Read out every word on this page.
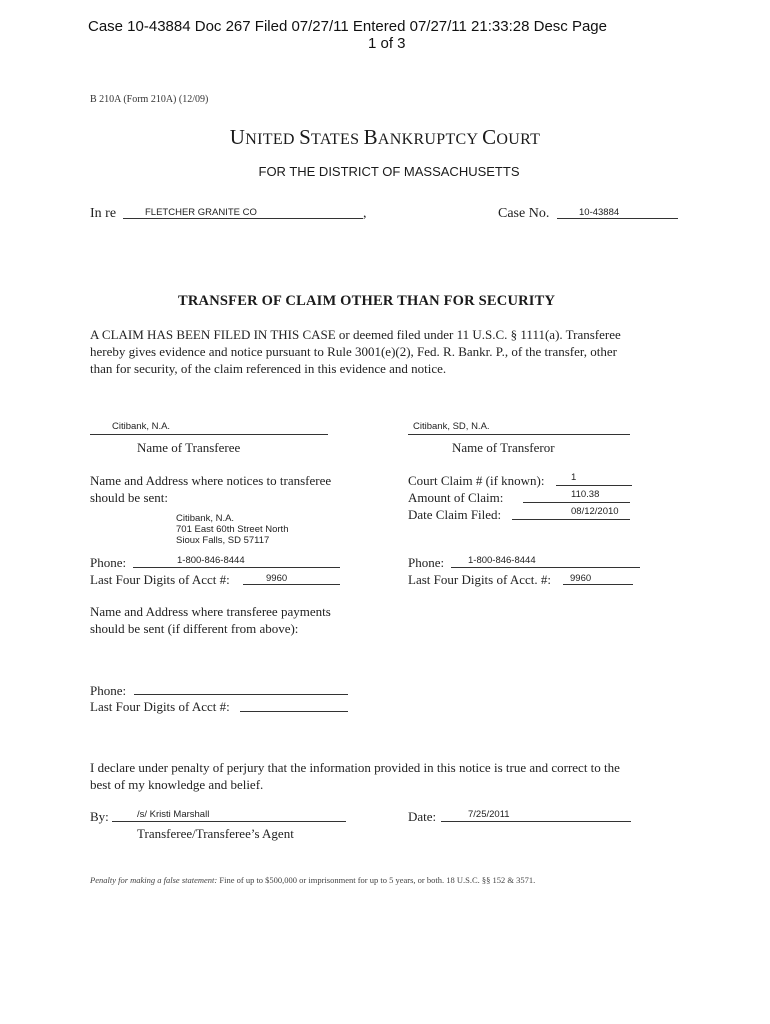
Case 10-43884 Doc 267 Filed 07/27/11 Entered 07/27/11 21:33:28 Desc Page
1 of 3
B 210A (Form 210A) (12/09)
UNITED STATES BANKRUPTCY COURT
FOR THE DISTRICT OF MASSACHUSETTS
In re	FLETCHER GRANITE CO	,	Case No.	10-43884
TRANSFER OF CLAIM OTHER THAN FOR SECURITY
A CLAIM HAS BEEN FILED IN THIS CASE or deemed filed under 11 U.S.C. § 1111(a). Transferee
hereby gives evidence and notice pursuant to Rule 3001(e)(2), Fed. R. Bankr. P., of the transfer, other
than for security, of the claim referenced in this evidence and notice.
Citibank, N.A.
Name of Transferee
Citibank, SD, N.A.
Name of Transferor
Name and Address where notices to transferee
should be sent:
Citibank, N.A.
701 East 60th Street North
Sioux Falls, SD 57117
Court Claim # (if known):	1
Amount of Claim:	110.38
Date Claim Filed:	08/12/2010
Phone:	1-800-846-8444
Last Four Digits of Acct #:	9960
Phone:	1-800-846-8444
Last Four Digits of Acct. #: 9960
Name and Address where transferee payments
should be sent (if different from above):
Phone:
Last Four Digits of Acct #:
I declare under penalty of perjury that the information provided in this notice is true and correct to the
best of my knowledge and belief.
By:	/s/ Kristi Marshall
Transferee/Transferee’s Agent
Date:	7/25/2011
Penalty for making a false statement: Fine of up to $500,000 or imprisonment for up to 5 years, or both. 18 U.S.C. §§ 152 & 3571.
